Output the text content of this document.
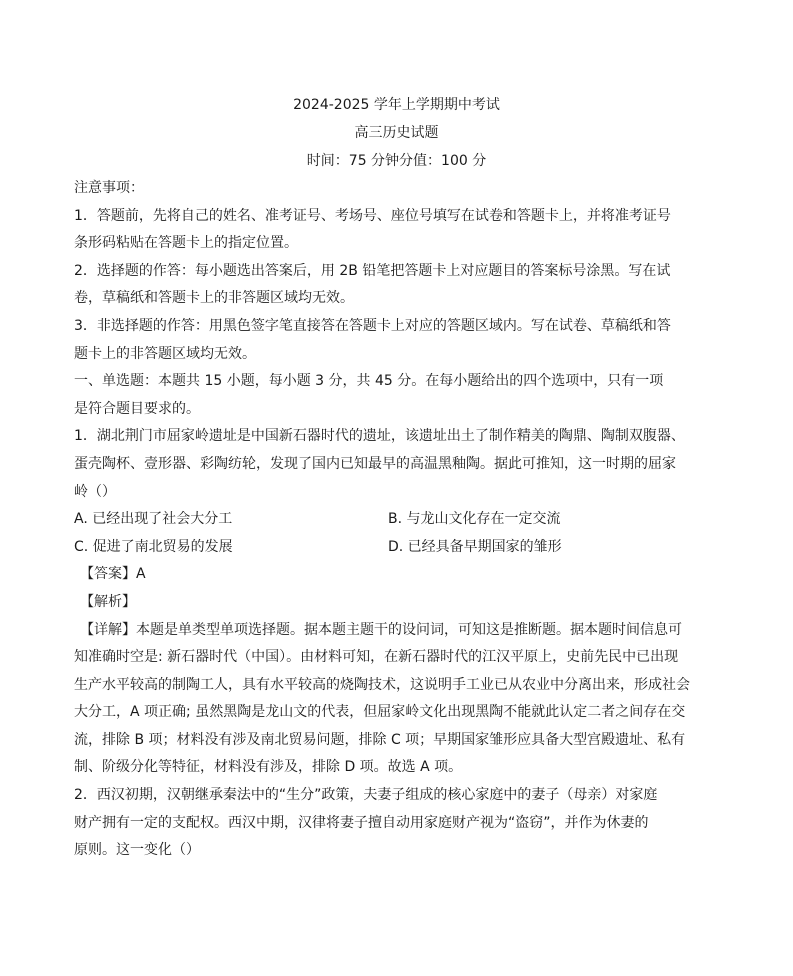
2024-2025 学年上学期期中考试
高三历史试题
时间：75 分钟分值：100 分

注意事项：

1．答题前，先将自己的姓名、准考证号、考场号、座位号填写在试卷和答题卡上，并将准考证号

条形码粘贴在答题卡上的指定位置。

2．选择题的作答：每小题选出答案后，用 2B 铅笔把答题卡上对应题目的答案标号涂黑。写在试

卷，草稿纸和答题卡上的非答题区域均无效。

3．非选择题的作答：用黑色签字笔直接答在答题卡上对应的答题区域内。写在试卷、草稿纸和答

题卡上的非答题区域均无效。

一、单选题：本题共 15 小题，每小题 3 分，共 45 分。在每小题给出的四个选项中，只有一项

是符合题目要求的。

1．湖北荆门市屈家岭遗址是中国新石器时代的遗址，该遗址出土了制作精美的陶鼎、陶制双腹器、

蛋壳陶杯、壹形器、彩陶纺轮，发现了国内已知最早的高温黑釉陶。据此可推知，这一时期的屈家

岭（）

A. 已经出现了社会大分工	B. 与龙山文化存在一定交流

C. 促进了南北贸易的发展	D. 已经具备早期国家的雏形

【答案】A

【解析】

【详解】本题是单类型单项选择题。据本题主题干的设问词，可知这是推断题。据本题时间信息可

知准确时空是: 新石器时代（中国）。由材料可知，在新石器时代的江汉平原上，史前先民中已出现

生产水平较高的制陶工人，具有水平较高的烧陶技术，这说明手工业已从农业中分离出来，形成社会

大分工，A 项正确; 虽然黑陶是龙山文的代表，但屈家岭文化出现黑陶不能就此认定二者之间存在交

流，排除 B 项；材料没有涉及南北贸易问题，排除 C 项；早期国家雏形应具备大型宫殿遗址、私有

制、阶级分化等特征，材料没有涉及，排除 D 项。故选 A 项。

2．西汉初期，汉朝继承秦法中的“生分”政策，夫妻子组成的核心家庭中的妻子（母亲）对家庭

财产拥有一定的支配权。西汉中期，汉律将妻子擅自动用家庭财产视为“盗窃”，并作为休妻的

原则。这一变化（）
